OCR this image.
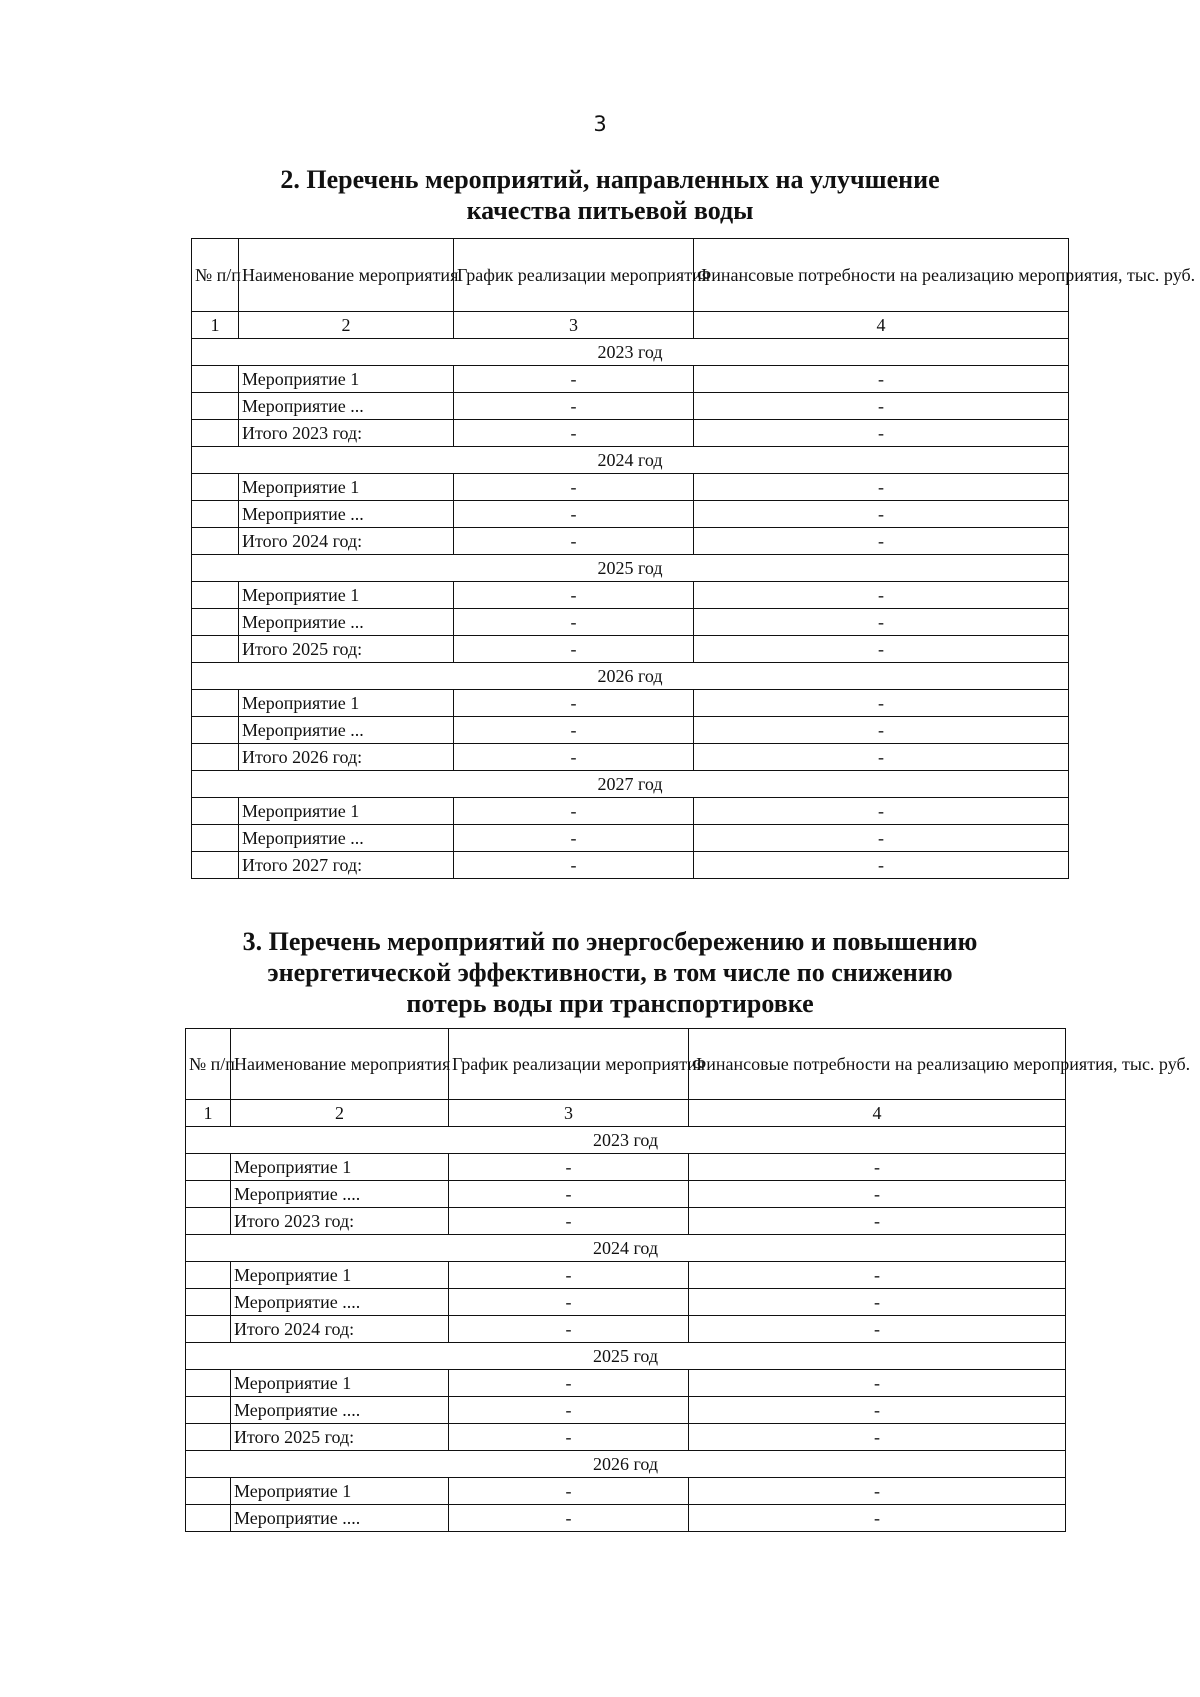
3
2. Перечень мероприятий, направленных на улучшение
качества питьевой воды
№ п/п	Наименование мероприятия	График реализации мероприятия	Финансовые потребности на реализацию мероприятия, тыс. руб.
1	2	3	4
2023 год			
	Мероприятие 1	-	-
	Мероприятие ...	-	-
	Итого 2023 год:	-	-
2024 год			
	Мероприятие 1	-	-
	Мероприятие ...	-	-
	Итого 2024 год:	-	-
2025 год			
	Мероприятие 1	-	-
	Мероприятие ...	-	-
	Итого 2025 год:	-	-
2026 год			
	Мероприятие 1	-	-
	Мероприятие ...	-	-
	Итого 2026 год:	-	-
2027 год			
	Мероприятие 1	-	-
	Мероприятие ...	-	-
	Итого 2027 год:	-	-
3. Перечень мероприятий по энергосбережению и повышению
энергетической эффективности, в том числе по снижению
потерь воды при транспортировке
№ п/п	Наименование мероприятия	График реализации мероприятия	Финансовые потребности на реализацию мероприятия, тыс. руб.
1	2	3	4
2023 год			
	Мероприятие 1	-	-
	Мероприятие ....	-	-
	Итого 2023 год:	-	-
2024 год			
	Мероприятие 1	-	-
	Мероприятие ....	-	-
	Итого 2024 год:	-	-
2025 год			
	Мероприятие 1	-	-
	Мероприятие ....	-	-
	Итого 2025 год:	-	-
2026 год			
	Мероприятие 1	-	-
	Мероприятие ....	-	-
